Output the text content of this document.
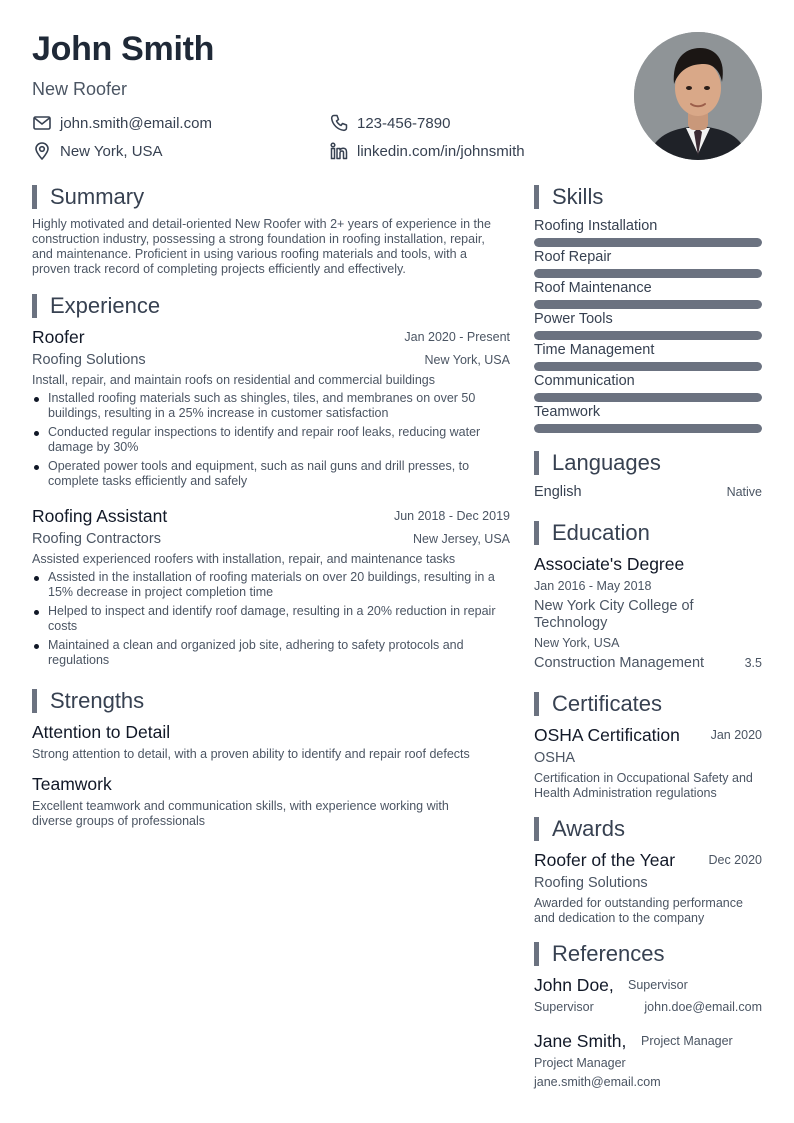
John Smith
New Roofer
john.smith@email.com	123-456-7890
New York, USA	linkedin.com/in/johnsmith
Summary
Highly motivated and detail-oriented New Roofer with 2+ years of experience in the construction industry, possessing a strong foundation in roofing installation, repair, and maintenance. Proficient in using various roofing materials and tools, with a proven track record of completing projects efficiently and effectively.
Experience
Roofer	Jan 2020 - Present
Roofing Solutions	New York, USA
Install, repair, and maintain roofs on residential and commercial buildings
Installed roofing materials such as shingles, tiles, and membranes on over 50 buildings, resulting in a 25% increase in customer satisfaction
Conducted regular inspections to identify and repair roof leaks, reducing water damage by 30%
Operated power tools and equipment, such as nail guns and drill presses, to complete tasks efficiently and safely
Roofing Assistant	Jun 2018 - Dec 2019
Roofing Contractors	New Jersey, USA
Assisted experienced roofers with installation, repair, and maintenance tasks
Assisted in the installation of roofing materials on over 20 buildings, resulting in a 15% decrease in project completion time
Helped to inspect and identify roof damage, resulting in a 20% reduction in repair costs
Maintained a clean and organized job site, adhering to safety protocols and regulations
Strengths
Attention to Detail
Strong attention to detail, with a proven ability to identify and repair roof defects
Teamwork
Excellent teamwork and communication skills, with experience working with diverse groups of professionals
Skills
Roofing Installation
Roof Repair
Roof Maintenance
Power Tools
Time Management
Communication
Teamwork
Languages
English	Native
Education
Associate's Degree
Jan 2016 - May 2018
New York City College of Technology
New York, USA
Construction Management	3.5
Certificates
OSHA Certification Jan 2020
OSHA
Certification in Occupational Safety and Health Administration regulations
Awards
Roofer of the Year	Dec 2020
Roofing Solutions
Awarded for outstanding performance and dedication to the company
References
John Doe, Supervisor
Supervisor	john.doe@email.com
Jane Smith, Project Manager
Project Manager
jane.smith@email.com
